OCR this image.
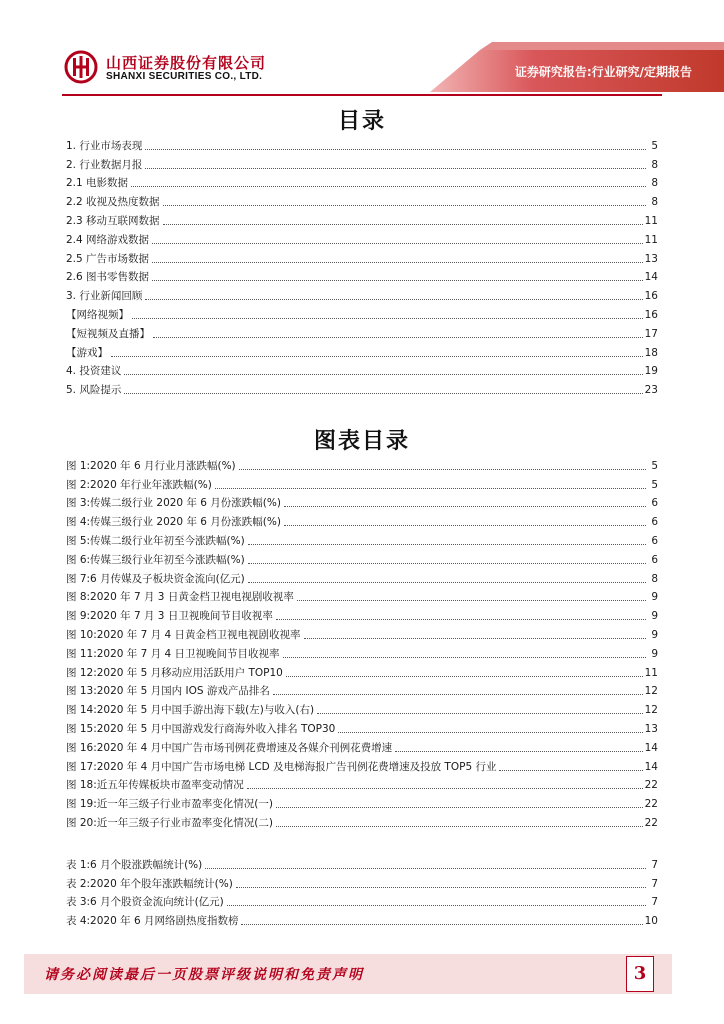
山西证券股份有限公司
SHANXI SECURITIES CO., LTD.	证券研究报告:行业研究/定期报告
目录
1. 行业市场表现	5
2. 行业数据月报	8
2.1 电影数据	8
2.2 收视及热度数据	8
2.3 移动互联网数据	11
2.4 网络游戏数据	11
2.5 广告市场数据	13
2.6 图书零售数据	14
3. 行业新闻回顾	16
【网络视频】	16
【短视频及直播】	17
【游戏】	18
4. 投资建议	19
5. 风险提示	23
图表目录
图 1:2020 年 6 月行业月涨跌幅(%)	5
图 2:2020 年行业年涨跌幅(%)	5
图 3:传媒二级行业 2020 年 6 月份涨跌幅(%)	6
图 4:传媒三级行业 2020 年 6 月份涨跌幅(%)	6
图 5:传媒二级行业年初至今涨跌幅(%)	6
图 6:传媒三级行业年初至今涨跌幅(%)	6
图 7:6 月传媒及子板块资金流向(亿元)	8
图 8:2020 年 7 月 3 日黄金档卫视电视剧收视率	9
图 9:2020 年 7 月 3 日卫视晚间节目收视率	9
图 10:2020 年 7 月 4 日黄金档卫视电视剧收视率	9
图 11:2020 年 7 月 4 日卫视晚间节目收视率	9
图 12:2020 年 5 月移动应用活跃用户 TOP10	11
图 13:2020 年 5 月国内 IOS 游戏产品排名	12
图 14:2020 年 5 月中国手游出海下载(左)与收入(右)	12
图 15:2020 年 5 月中国游戏发行商海外收入排名 TOP30	13
图 16:2020 年 4 月中国广告市场刊例花费增速及各媒介刊例花费增速	14
图 17:2020 年 4 月中国广告市场电梯 LCD 及电梯海报广告刊例花费增速及投放 TOP5 行业	14
图 18:近五年传媒板块市盈率变动情况	22
图 19:近一年三级子行业市盈率变化情况(一)	22
图 20:近一年三级子行业市盈率变化情况(二)	22
表 1:6 月个股涨跌幅统计(%)	7
表 2:2020 年个股年涨跌幅统计(%)	7
表 3:6 月个股资金流向统计(亿元)	7
表 4:2020 年 6 月网络剧热度指数榜	10
请务必阅读最后一页股票评级说明和免责声明	3
